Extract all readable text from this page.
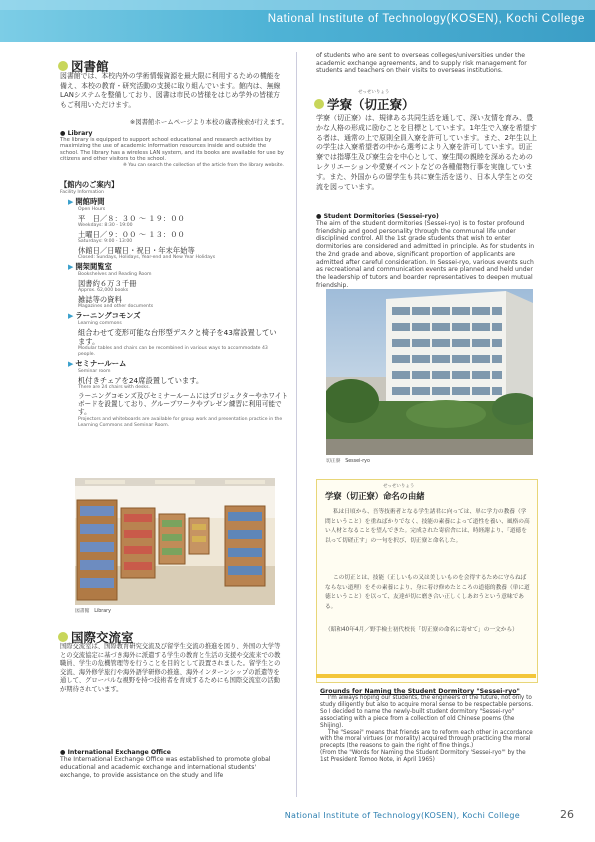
National Institute of Technology(KOSEN), Kochi College
図書館
図書館では、本校内外の学術情報資源を最大限に利用するための機能を備え、本校の教育・研究活動の支援に取り組んでいます。館内は、無線LANシステムを整備しており、図書は市民の皆様をはじめ学外の皆様方もご利用いただけます。
※図書館ホームページより本校の蔵書検索が行えます。
● Library
The library is equipped to support school educational and research activities by maximizing the use of academic information resources inside and outside the school. The library has a wireless LAN system, and its books are available for use by citizens and other visitors to the school.
※ You can search the collection of the article from the library website.
【館内のご案内】
Facility Information
▶ 開館時間
Open Hours
平　日／８：３０ ～ １９：００
Weekdays: 8:30 - 19:00
土曜日／９：００ ～ １３：００
Saturdays: 9:00 - 13:00
休館日／日曜日・祝日・年末年始等
Closed: Sundays, Holidays, Year-end and New Year Holidays
▶ 開架閲覧室
Bookshelves and Reading Room
図書約６万３千冊
Approx. 62,000 books
雑誌等の資料
Magazines and other documents
▶ ラーニングコモンズ
Learning commons
組合わせて変形可能な台形型デスクと椅子を43席設置しています。
Modular tables and chairs can be recombined in various ways to accommodate 43 people.
▶ セミナールーム
Seminar room
机付きチェアを24席設置しています。
There are 24 chairs with desks.
ラーニングコモンズ及びセミナールームにはプロジェクターやホワイトボードを設置しており、グループワークやプレゼン練習に利用可能です。
Projectors and whiteboards are available for group work and presentation practice in the Learning Commons and Seminar Room.
図書館　Library
国際交流室
国際交流室は、国際教育研究交流及び留学生交流の推進を図り、外国の大学等との交流協定に基づき海外に派遣する学生の教育と生活の支援や交流来での教職員、学生の危機管理等を行うことを目的として設置されました。留学生との交流、海外修学旅行や海外語学研修の推進、海外インターンシップの派遣等を通して、グローバルな視野を持つ技術者を育成するためにも国際交流室の活動が期待されています。
● International Exchange Office
The International Exchange Office was established to promote global educational and academic exchange and international students' exchange, to provide assistance on the study and life
of students who are sent to overseas colleges/universities under the academic exchange agreements, and to supply risk management for students and teachers on their visits to overseas institutions.
せっせいりょう
学寮（切正寮）
学寮（切正寮）は、規律ある共同生活を通して、深い友情を育み、豊かな人格の形成に励むことを目標としています。1年生で入寮を希望する者は、通常の上で原則全員入寮を許可しています。また、2年生以上の学生は入寮希望者の中から選考により入寮を許可しています。切正寮では指導生及び寮生会を中心として、寮生間の親睦を深めるためのレクリエーションや愛寮イベントなどの各種催物行事を実施しています。また、外国からの留学生も共に寮生活を送り、日本人学生との交流を図っています。
● Student Dormitories (Sessei-ryo)
The aim of the student dormitories (Sessei-ryo) is to foster profound friendship and good personality through the communal life under disciplined control. All the 1st grade students that wish to enter dormitories are considered and admitted in principle. As for students in the 2nd grade and above, significant proportion of applicants are admitted after careful consideration. In Sessei-ryo, various events such as recreational and communication events are planned and held under the leadership of tutors and boarder representatives to deepen mutual friendship.
切正寮　Sessei-ryo
せっせいりょう
学寮（切正寮）命名の由緒
私は日頃から、吾等技術者となる学生諸君に向っては、単に学力の教養（学問ということ）を重ねばかりでなく、技能の素養によって道性を養い、風格の高い人材となることを望んできた。完成された寄宿舎には、時経謝より、「道徳を以って切磋正す」の一句を択び、切正寮と命名した。
この切正とは、技能（正しいもの又は美しいものを会得するために守らねばならない道理）をその素養により、身に着け修めたところの道徳的教養（単に道徳ということ）を以って、友達が切に磨き合い正しくしあおうという意味である。
（昭和40年4月／野手檢士初代校長「切正寮の命名に寄せて」の一文から）
Grounds for Naming the Student Dormitory "Sessei-ryo"
I'm always hoping our students, the engineers of the future, not only to study diligently but also to acquire moral sense to be respectable persons. So I decided to name the newly-built student dormitory "Sessei-ryo" associating with a piece from a collection of old Chinese poems (the Shijing).
The "Sessei" means that friends are to reform each other in accordance with the moral virtues (or morality) acquired through practicing the moral precepts (the reasons to gain the right of fine things.)
(From the "Words for Naming the Student Dormitory 'Sessei-ryo'" by the 1st President Tomoo Note, in April 1965)
National Institute of Technology(KOSEN), Kochi College	26
